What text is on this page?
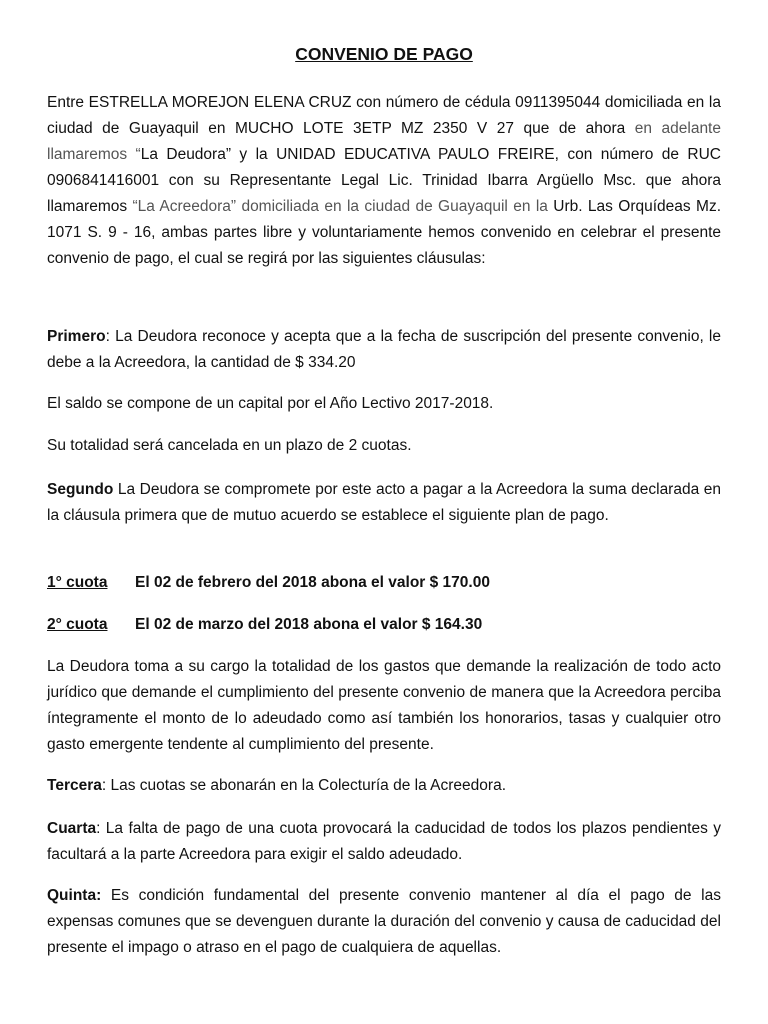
CONVENIO DE PAGO

Entre ESTRELLA MOREJON ELENA CRUZ con número de cédula 0911395044 domiciliada en la ciudad de Guayaquil en MUCHO LOTE 3ETP MZ 2350 V 27 que de ahora en adelante llamaremos “La Deudora” y la UNIDAD EDUCATIVA PAULO FREIRE, con número de RUC 0906841416001 con su Representante Legal Lic. Trinidad Ibarra Argüello Msc. que ahora llamaremos “La Acreedora” domiciliada en la ciudad de Guayaquil en la Urb. Las Orquídeas Mz. 1071 S. 9 - 16, ambas partes libre y voluntariamente hemos convenido en celebrar el presente convenio de pago, el cual se regirá por las siguientes cláusulas:

Primero: La Deudora reconoce y acepta que a la fecha de suscripción del presente convenio, le debe a la Acreedora, la cantidad de $ 334.20

El saldo se compone de un capital por el Año Lectivo 2017-2018.

Su totalidad será cancelada en un plazo de 2 cuotas.

Segundo La Deudora se compromete por este acto a pagar a la Acreedora la suma declarada en la cláusula primera que de mutuo acuerdo se establece el siguiente plan de pago.

1° cuota El 02 de febrero del 2018 abona el valor $ 170.00
2° cuota El 02 de marzo del 2018 abona el valor $ 164.30

La Deudora toma a su cargo la totalidad de los gastos que demande la realización de todo acto jurídico que demande el cumplimiento del presente convenio de manera que la Acreedora perciba íntegramente el monto de lo adeudado como así también los honorarios, tasas y cualquier otro gasto emergente tendente al cumplimiento del presente.

Tercera: Las cuotas se abonarán en la Colecturía de la Acreedora.

Cuarta: La falta de pago de una cuota provocará la caducidad de todos los plazos pendientes y facultará a la parte Acreedora para exigir el saldo adeudado.

Quinta: Es condición fundamental del presente convenio mantener al día el pago de las expensas comunes que se devenguen durante la duración del convenio y causa de caducidad del presente el impago o atraso en el pago de cualquiera de aquellas.
